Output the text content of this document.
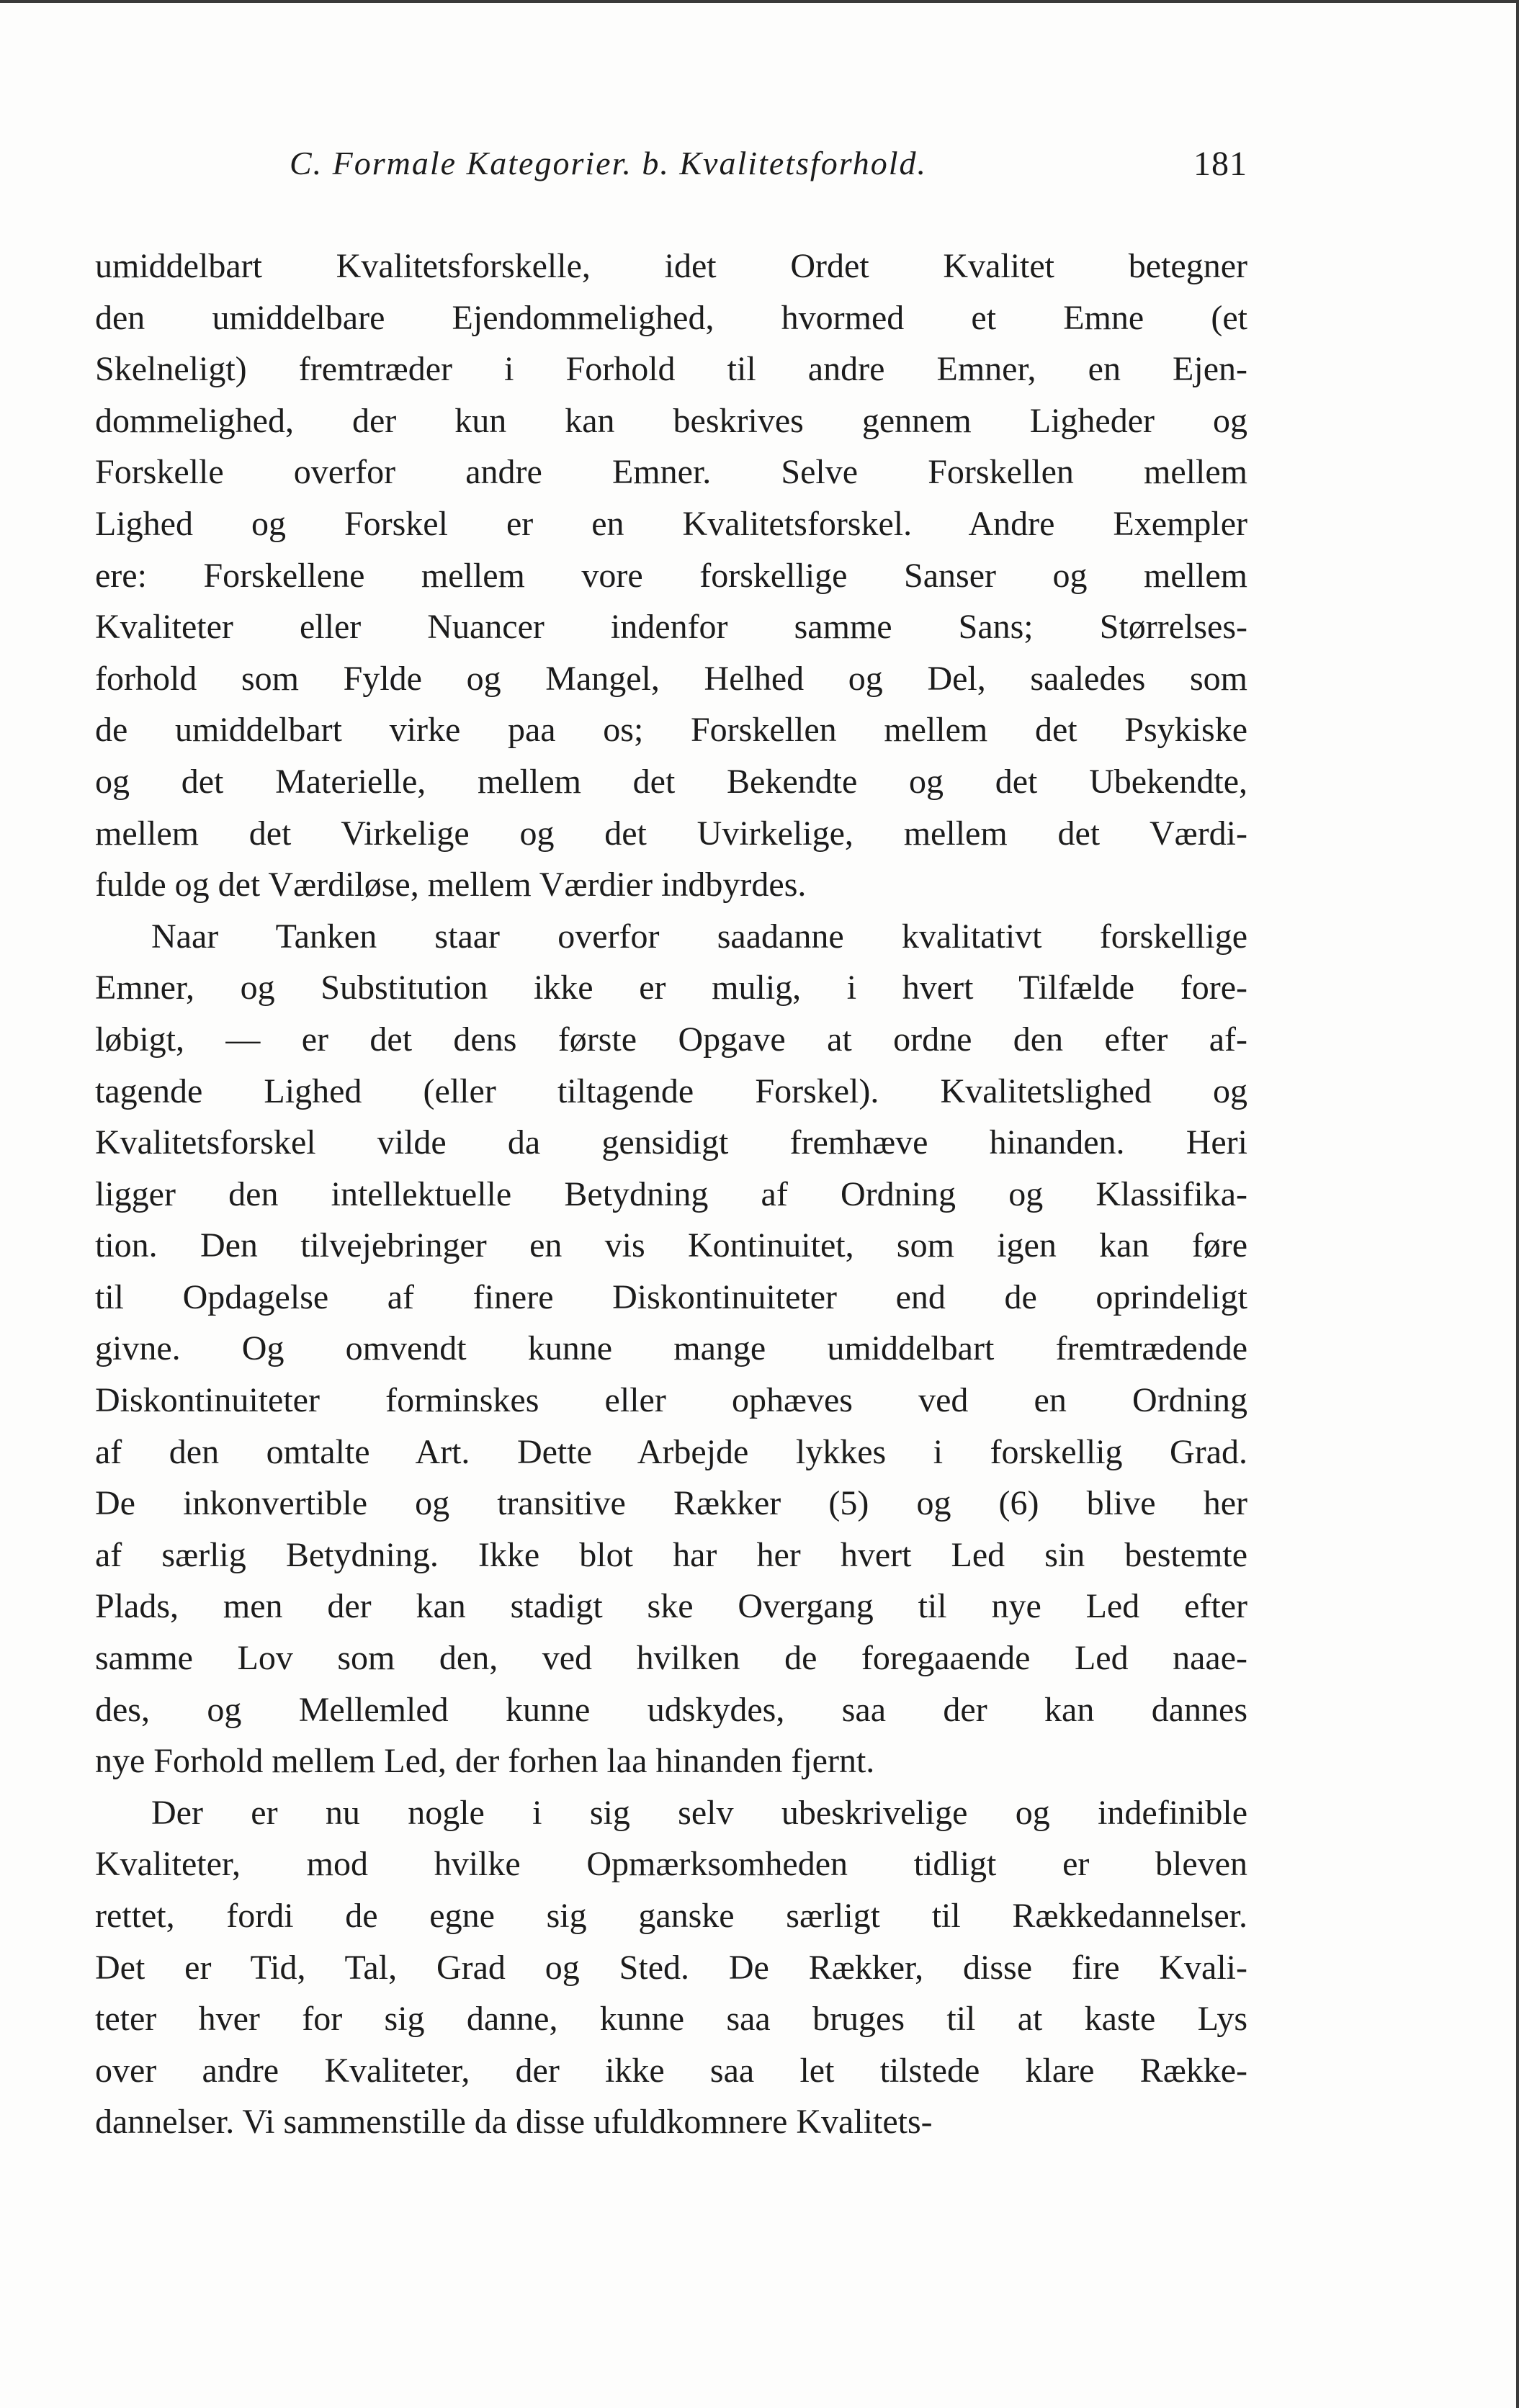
C. Formale Kategorier. b. Kvalitetsforhold.	181
umiddelbart Kvalitetsforskelle, idet Ordet Kvalitet betegner
den umiddelbare Ejendommelighed, hvormed et Emne (et
Skelneligt) fremtræder i Forhold til andre Emner, en Ejen-
dommelighed, der kun kan beskrives gennem Ligheder og
Forskelle overfor andre Emner. Selve Forskellen mellem
Lighed og Forskel er en Kvalitetsforskel. Andre Exempler
ere: Forskellene mellem vore forskellige Sanser og mellem
Kvaliteter eller Nuancer indenfor samme Sans; Størrelses-
forhold som Fylde og Mangel, Helhed og Del, saaledes som
de umiddelbart virke paa os; Forskellen mellem det Psykiske
og det Materielle, mellem det Bekendte og det Ubekendte,
mellem det Virkelige og det Uvirkelige, mellem det Værdi-
fulde og det Værdiløse, mellem Værdier indbyrdes.
Naar Tanken staar overfor saadanne kvalitativt forskellige
Emner, og Substitution ikke er mulig, i hvert Tilfælde fore-
løbigt, — er det dens første Opgave at ordne den efter af-
tagende Lighed (eller tiltagende Forskel). Kvalitetslighed og
Kvalitetsforskel vilde da gensidigt fremhæve hinanden. Heri
ligger den intellektuelle Betydning af Ordning og Klassifika-
tion. Den tilvejebringer en vis Kontinuitet, som igen kan føre
til Opdagelse af finere Diskontinuiteter end de oprindeligt
givne. Og omvendt kunne mange umiddelbart fremtrædende
Diskontinuiteter forminskes eller ophæves ved en Ordning
af den omtalte Art. Dette Arbejde lykkes i forskellig Grad.
De inkonvertible og transitive Rækker (5) og (6) blive her
af særlig Betydning. Ikke blot har her hvert Led sin bestemte
Plads, men der kan stadigt ske Overgang til nye Led efter
samme Lov som den, ved hvilken de foregaaende Led naae-
des, og Mellemled kunne udskydes, saa der kan dannes
nye Forhold mellem Led, der forhen laa hinanden fjernt.
Der er nu nogle i sig selv ubeskrivelige og indefinible
Kvaliteter, mod hvilke Opmærksomheden tidligt er bleven
rettet, fordi de egne sig ganske særligt til Rækkedannelser.
Det er Tid, Tal, Grad og Sted. De Rækker, disse fire Kvali-
teter hver for sig danne, kunne saa bruges til at kaste Lys
over andre Kvaliteter, der ikke saa let tilstede klare Række-
dannelser. Vi sammenstille da disse ufuldkomnere Kvalitets-
